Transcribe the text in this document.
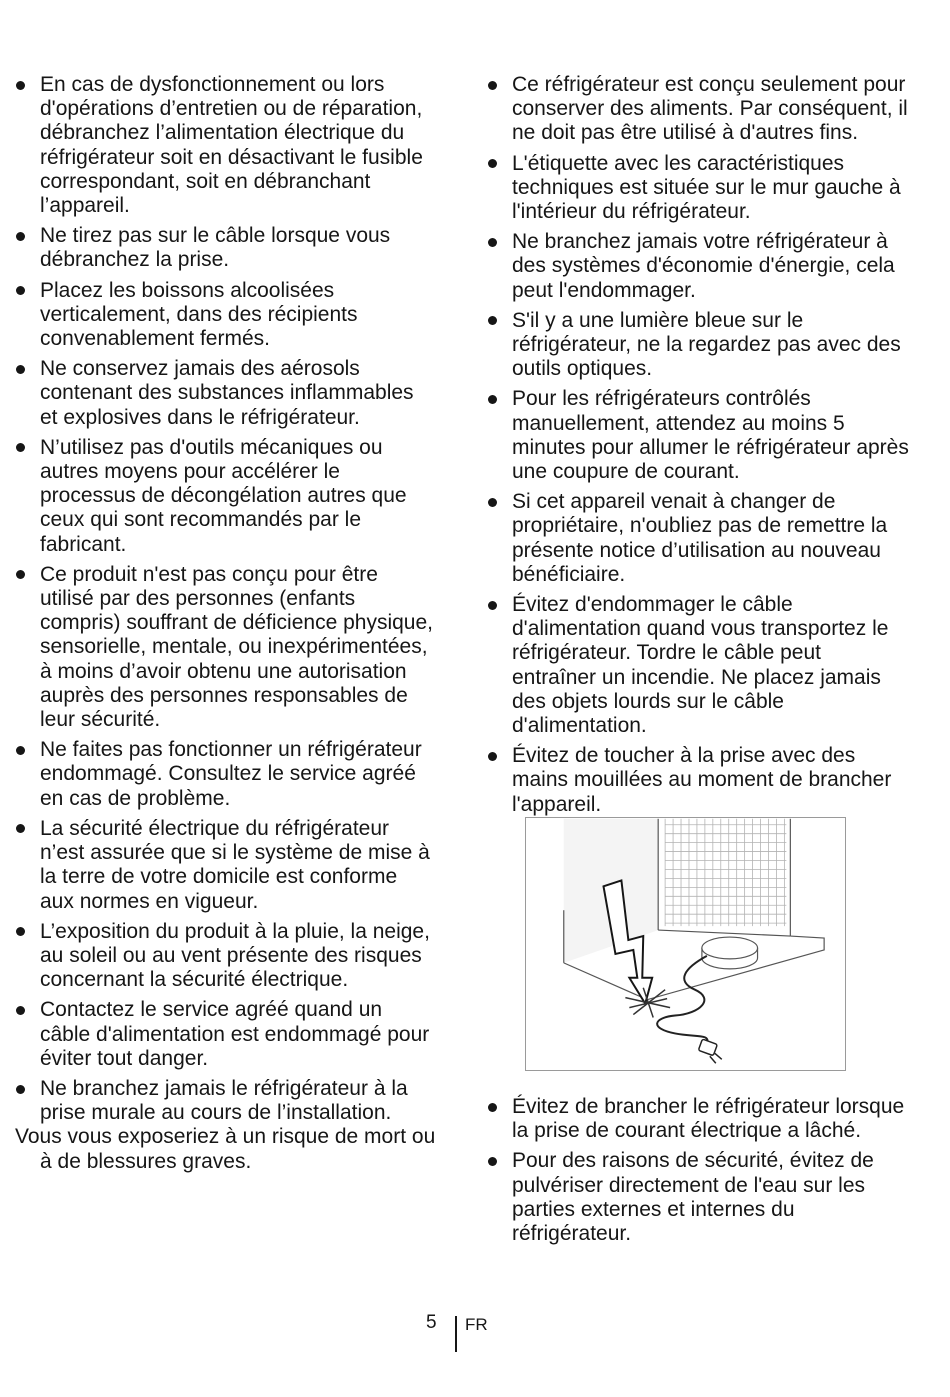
En cas de dysfonctionnement ou lors
d'opérations d’entretien ou de réparation,
débranchez l’alimentation électrique du
réfrigérateur soit en désactivant le fusible
correspondant, soit en débranchant
l’appareil.
Ne tirez pas sur le câble lorsque vous
débranchez la prise.
Placez les boissons alcoolisées
verticalement, dans des récipients
convenablement fermés.
Ne conservez jamais des aérosols
contenant des substances inflammables
et explosives dans le réfrigérateur.
N’utilisez pas d'outils mécaniques ou
autres moyens pour accélérer le
processus de décongélation autres que
ceux qui sont recommandés par le
fabricant.
Ce produit n'est pas conçu pour être
utilisé par des personnes (enfants
compris) souffrant de déficience physique,
sensorielle, mentale, ou inexpérimentées,
à moins d’avoir obtenu une autorisation
auprès des personnes responsables de
leur sécurité.
Ne faites pas fonctionner un réfrigérateur
endommagé. Consultez le service agréé
en cas de problème.
La sécurité électrique du réfrigérateur
n’est assurée que si le système de mise à
la terre de votre domicile est conforme
aux normes en vigueur.
L’exposition du produit à la pluie, la neige,
au soleil ou au vent présente des risques
concernant la sécurité électrique.
Contactez le service agréé quand un
câble d'alimentation est endommagé pour
éviter tout danger.
Ne branchez jamais le réfrigérateur à la
prise murale au cours de l’installation.
Vous vous exposeriez à un risque de mort ou
à de blessures graves.
Ce réfrigérateur est conçu seulement pour
conserver des aliments. Par conséquent, il
ne doit pas être utilisé à d'autres fins.
L'étiquette avec les caractéristiques
techniques est située sur le mur gauche à
l'intérieur du réfrigérateur.
Ne branchez jamais votre réfrigérateur à
des systèmes d'économie d'énergie, cela
peut l'endommager.
S'il y a une lumière bleue sur le
réfrigérateur, ne la regardez pas avec des
outils optiques.
Pour les réfrigérateurs contrôlés
manuellement, attendez au moins 5
minutes pour allumer le réfrigérateur après
une coupure de courant.
Si cet appareil venait à changer de
propriétaire, n'oubliez pas de remettre la
présente notice d’utilisation au nouveau
bénéficiaire.
Évitez d'endommager le câble
d'alimentation quand vous transportez le
réfrigérateur. Tordre le câble peut
entraîner un incendie. Ne placez jamais
des objets lourds sur le câble
d'alimentation.
Évitez de toucher à la prise avec des
mains mouillées au moment de brancher
l'appareil.
Évitez de brancher le réfrigérateur lorsque
la prise de courant électrique a lâché.
Pour des raisons de sécurité, évitez de
pulvériser directement de l'eau sur les
parties externes et internes du
réfrigérateur.
5 FR
